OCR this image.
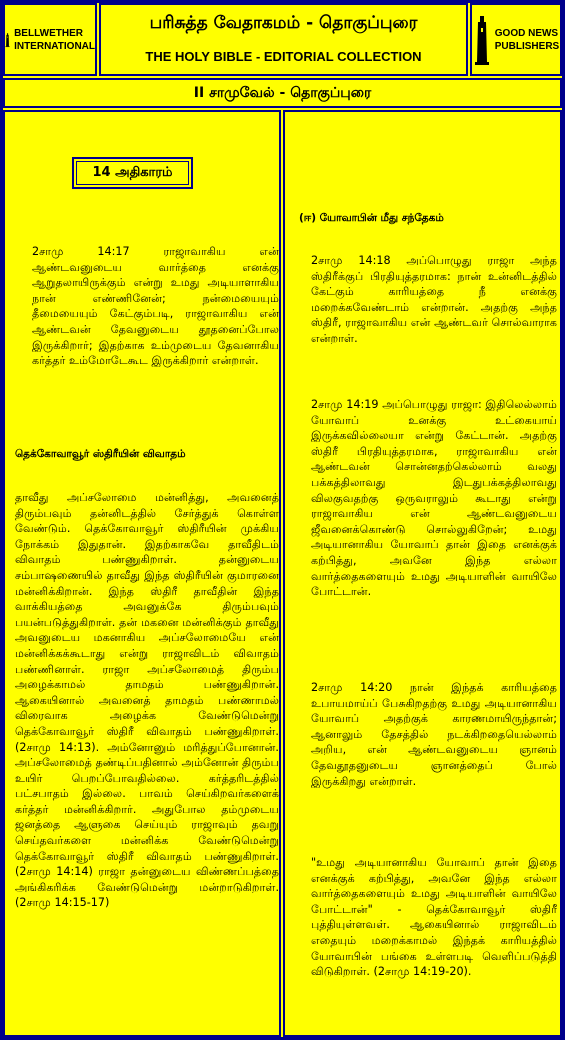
BELLWETHER
INTERNATIONAL
பரிசுத்த வேதாகமம் - தொகுப்புரை
THE HOLY BIBLE - EDITORIAL COLLECTION
GOOD NEWS
PUBLISHERS
II சாமுவேல் - தொகுப்புரை
14 அதிகாரம்
2சாமு 14:17 ராஜாவாகிய என் ஆண்டவனுடைய வார்த்தை எனக்கு ஆறுதலாயிருக்கும் என்று உமது அடியாளாகிய நான் எண்ணினேன்; நன்மையையும் தீமையையும் கேட்கும்படி, ராஜாவாகிய என் ஆண்டவன் தேவனுடைய தூதனைப்போல இருக்கிறார்; இதற்காக உம்முடைய தேவனாகிய கர்த்தர் உம்மோடேகூட இருக்கிறார் என்றாள்.
தெக்கோவாவூர் ஸ்திரீயின் விவாதம்
தாவீது அப்சலோமை மன்னித்து, அவனைத் திரும்பவும் தன்னிடத்தில் சேர்த்துக் கொள்ள வேண்டும். தெக்கோவாவூர் ஸ்திரீயின் முக்கிய நோக்கம் இதுதான். இதற்காகவே தாவீதிடம் விவாதம் பண்ணுகிறாள். தன்னுடைய சம்பாஷணையில் தாவீது இந்த ஸ்திரீயின் குமாரனை மன்னிக்கிறான். இந்த ஸ்திரீ தாவீதின் இந்த வாக்கியத்தை அவனுக்கே திரும்பவும் பயன்படுத்துகிறாள். தன் மகனை மன்னிக்கும் தாவீது அவனுடைய மகனாகிய அப்சலோமையே என் மன்னிக்கக்கூடாது என்று ராஜாவிடம் விவாதம் பண்ணினாள். ராஜா அப்சலோமைத் திரும்ப அழைக்காமல் தாமதம் பண்ணுகிறான். ஆகையினால் அவனைத் தாமதம் பண்ணாமல் விரைவாக அழைக்க வேண்டுமென்று தெக்கோவாவூர் ஸ்திரீ விவாதம் பண்ணுகிறாள். (2சாமு 14:13). அம்னோனும் மரித்துப்போனான். அப்சலோமைத் தண்டிப்பதினால் அம்னோன் திரும்ப உயிர் பெறப்போவதில்லை. கர்த்தரிடத்தில் பட்சபாதம் இல்லை. பாவம் செய்கிறவர்களைக் கர்த்தர் மன்னிக்கிறார். அதுபோல தம்முடைய ஜனத்தை ஆளுகை செய்யும் ராஜாவும் தவறு செய்தவர்களை மன்னிக்க வேண்டுமென்று தெக்கோவாவூர் ஸ்திரீ விவாதம் பண்ணுகிறாள். (2சாமு 14:14) ராஜா தன்னுடைய விண்ணப்பத்தை அங்கிகரிக்க வேண்டுமென்று மன்றாடுகிறாள். (2சாமு 14:15-17)
(ஈ) யோவாபின் மீது சந்தேகம்
2சாமு 14:18 அப்பொழுது ராஜா அந்த ஸ்திரீக்குப் பிரதியுத்தரமாக: நான் உன்னிடத்தில் கேட்கும் காரியத்தை நீ எனக்கு மறைக்கவேண்டாம் என்றான். அதற்கு அந்த ஸ்திரீ, ராஜாவாகிய என் ஆண்டவர் சொல்வாராக என்றாள்.
2சாமு 14:19 அப்பொழுது ராஜா: இதிலெல்லாம் யோவாப் உனக்கு உட்கையாய் இருக்கவில்லையா என்று கேட்டான். அதற்கு ஸ்திரீ பிரதியுத்தரமாக, ராஜாவாகிய என் ஆண்டவன் சொன்னதற்கெல்லாம் வலது பக்கத்திலாவது இடதுபக்கத்திலாவது விலகுவதற்கு ஒருவராலும் கூடாது என்று ராஜாவாகிய என் ஆண்டவனுடைய ஜீவனைக்கொண்டு சொல்லுகிறேன்; உமது அடியானாகிய யோவாப் தான் இதை எனக்குக் கற்பித்து, அவனே இந்த எல்லா வார்த்தைகளையும் உமது அடியாளின் வாயிலே போட்டான்.
2சாமு 14:20 நான் இந்தக் காரியத்தை உபாயமாய்ப் பேசுகிறதற்கு உமது அடியானாகிய யோவாப் அதற்குக் காரணமாயிருந்தான்; ஆனாலும் தேசத்தில் நடக்கிறதையெல்லாம் அறிய, என் ஆண்டவனுடைய ஞானம் தேவதூதனுடைய ஞானத்தைப் போல் இருக்கிறது என்றாள்.
"உமது அடியானாகிய யோவாப் தான் இதை எனக்குக் கற்பித்து, அவனே இந்த எல்லா வார்த்தைகளையும் உமது அடியாளின் வாயிலே போட்டான்" - தெக்கோவாவூர் ஸ்திரீ புத்தியுள்ளவள். ஆகையினால் ராஜாவிடம் எதையும் மறைக்காமல் இந்தக் காரியத்தில் யோவாபின் பங்கை உள்ளபடி வெளிப்படுத்தி விடுகிறாள். (2சாமு 14:19-20).
